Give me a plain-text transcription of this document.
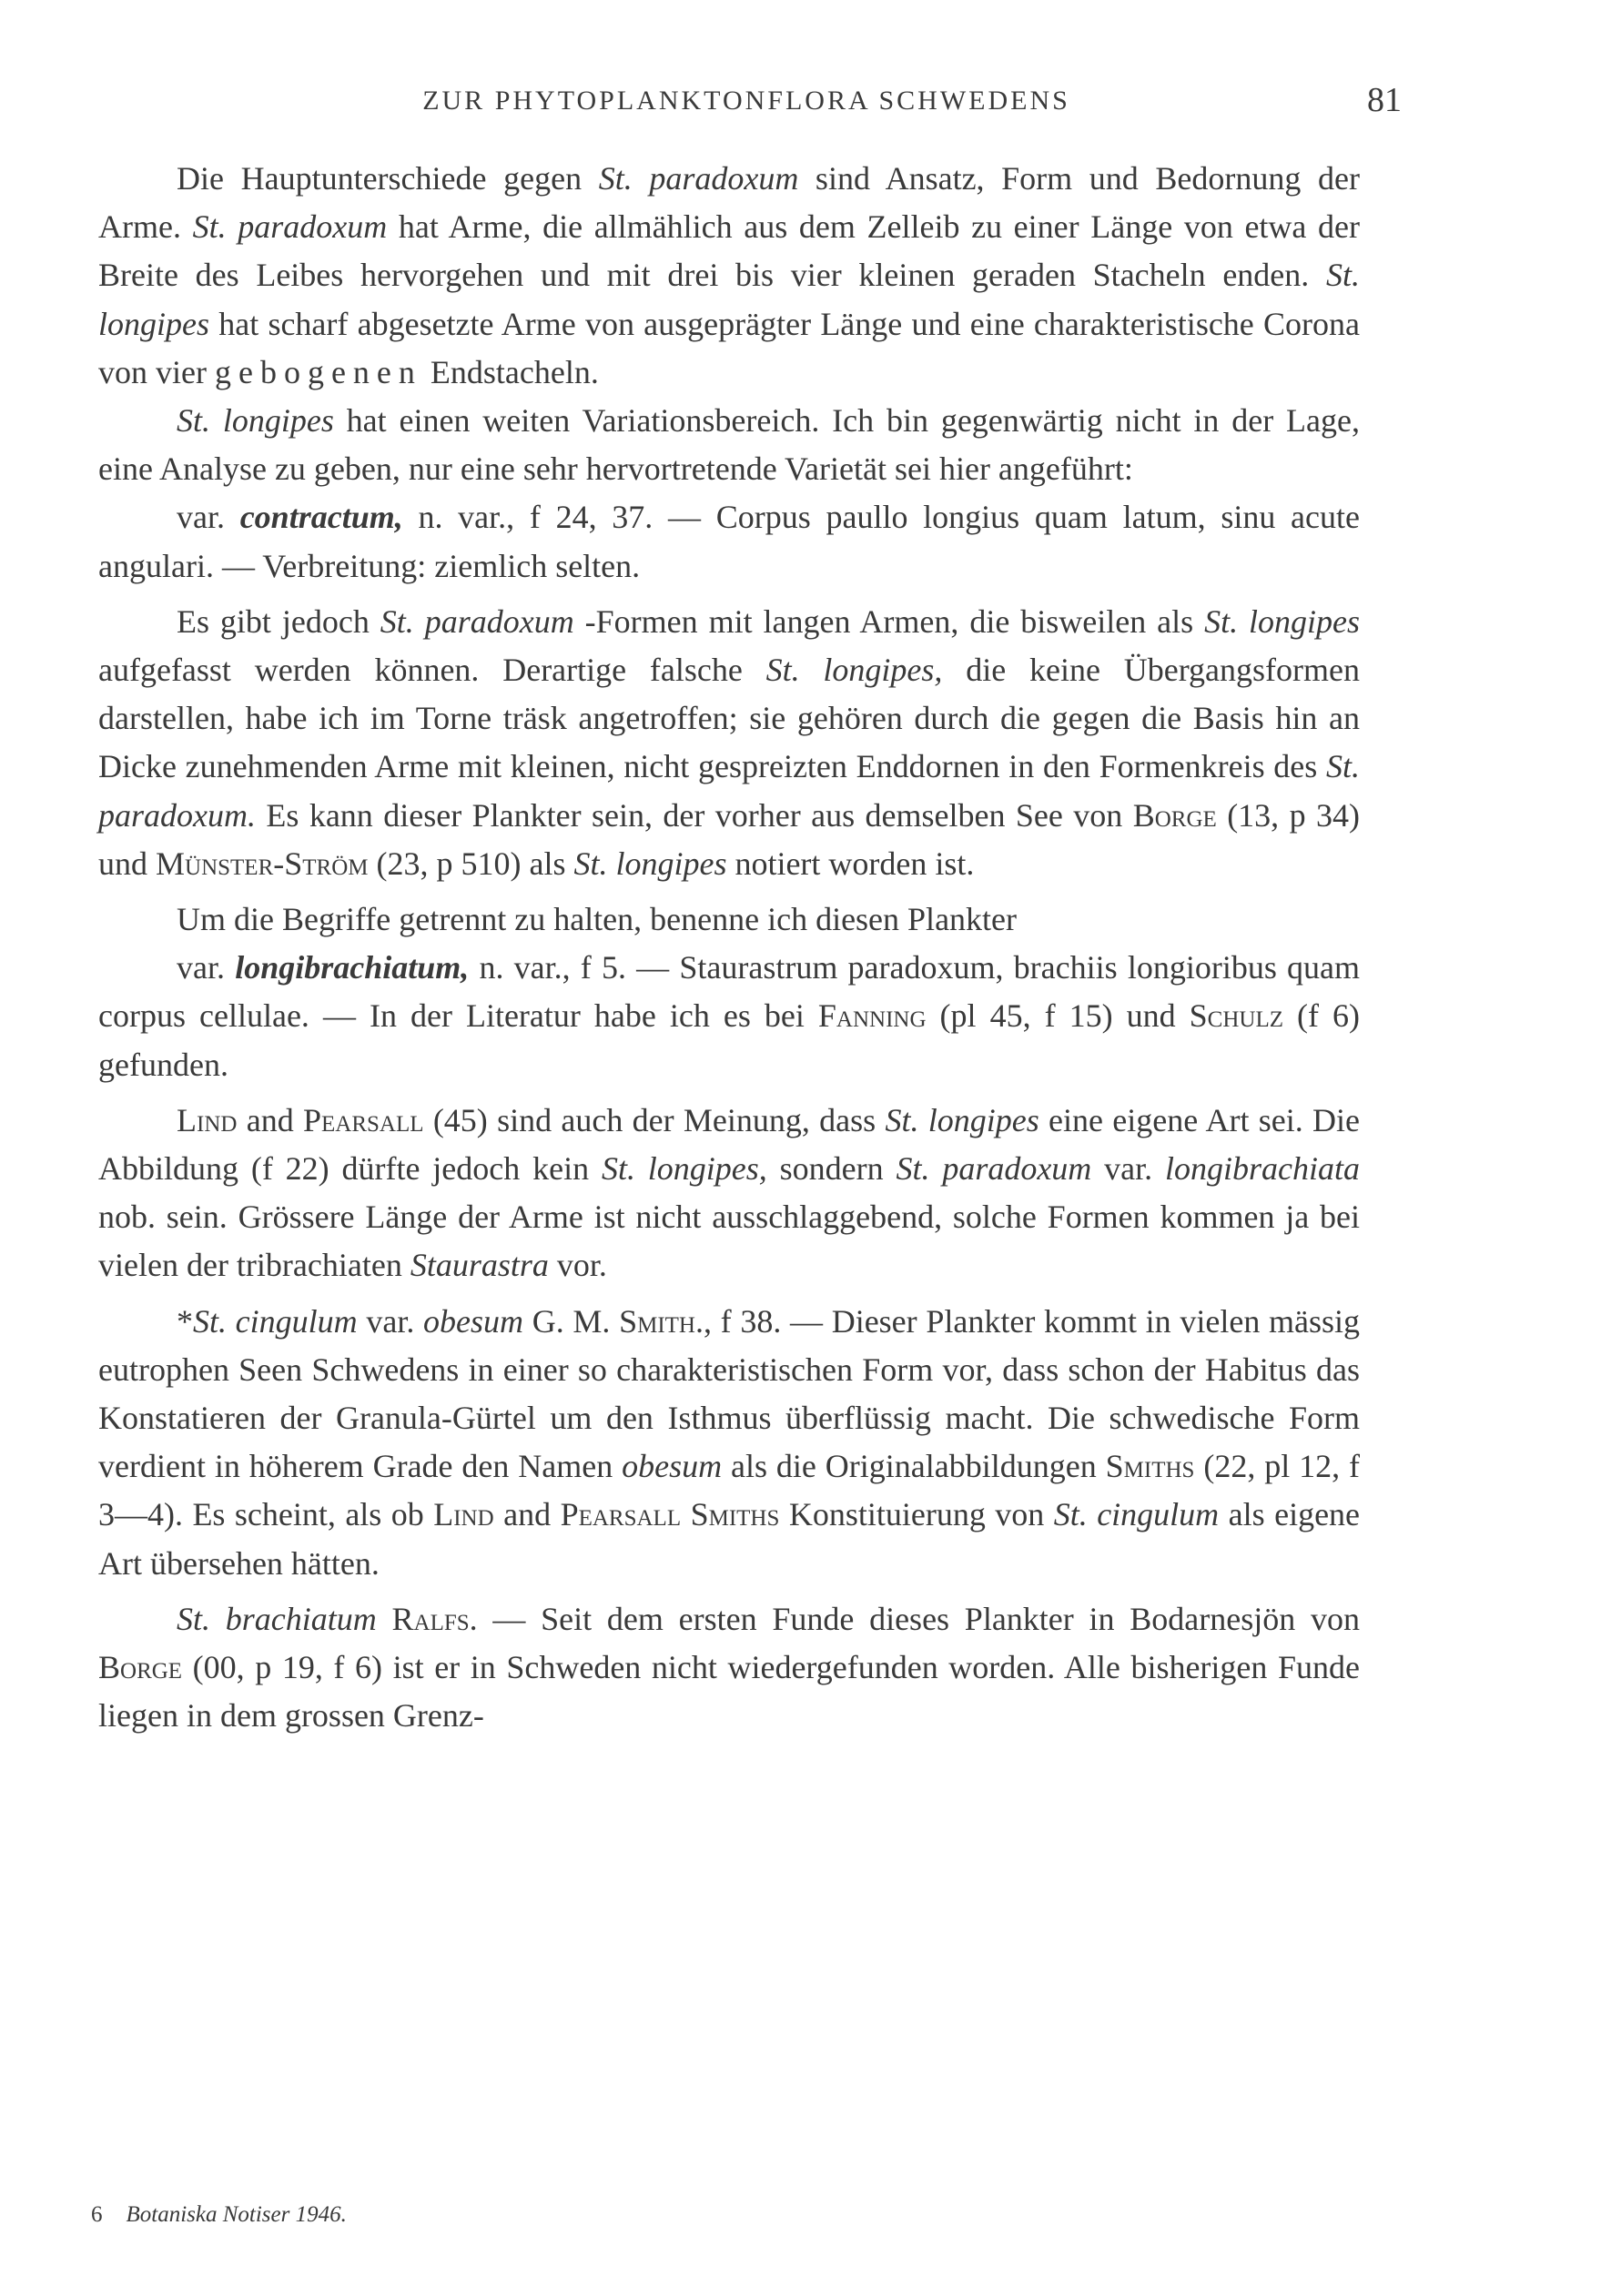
ZUR PHYTOPLANKTONFLORA SCHWEDENS	81

Die Hauptunterschiede gegen St. paradoxum sind Ansatz, Form und Bedornung der Arme. St. paradoxum hat Arme, die allmählich aus dem Zelleib zu einer Länge von etwa der Breite des Leibes hervorgehen und mit drei bis vier kleinen geraden Stacheln enden. St. longipes hat scharf abgesetzte Arme von ausgeprägter Länge und eine charakteristische Corona von vier gebogenen Endstacheln.

St. longipes hat einen weiten Variationsbereich. Ich bin gegenwärtig nicht in der Lage, eine Analyse zu geben, nur eine sehr hervortretende Varietät sei hier angeführt:

var. contractum, n. var., f 24, 37. — Corpus paullo longius quam latum, sinu acute angulari. — Verbreitung: ziemlich selten.

Es gibt jedoch St. paradoxum -Formen mit langen Armen, die bisweilen als St. longipes aufgefasst werden können. Derartige falsche St. longipes, die keine Übergangsformen darstellen, habe ich im Torne träsk angetroffen; sie gehören durch die gegen die Basis hin an Dicke zunehmenden Arme mit kleinen, nicht gespreizten Enddornen in den Formenkreis des St. paradoxum. Es kann dieser Plankter sein, der vorher aus demselben See von Borge (13, p 34) und Münster-Ström (23, p 510) als St. longipes notiert worden ist.

Um die Begriffe getrennt zu halten, benenne ich diesen Plankter

var. longibrachiatum, n. var., f 5. — Staurastrum paradoxum, brachiis longioribus quam corpus cellulae. — In der Literatur habe ich es bei Fanning (pl 45, f 15) und Schulz (f 6) gefunden.

Lind and Pearsall (45) sind auch der Meinung, dass St. longipes eine eigene Art sei. Die Abbildung (f 22) dürfte jedoch kein St. longipes, sondern St. paradoxum var. longibrachiata nob. sein. Grössere Länge der Arme ist nicht ausschlaggebend, solche Formen kommen ja bei vielen der tribrachiaten Staurastra vor.

*St. cingulum var. obesum G. M. Smith., f 38. — Dieser Plankter kommt in vielen mässig eutrophen Seen Schwedens in einer so charakteristischen Form vor, dass schon der Habitus das Konstatieren der Granula-Gürtel um den Isthmus überflüssig macht. Die schwedische Form verdient in höherem Grade den Namen obesum als die Originalabbildungen Smiths (22, pl 12, f 3—4). Es scheint, als ob Lind and Pearsall Smiths Konstituierung von St. cingulum als eigene Art übersehen hätten.

St. brachiatum Ralfs. — Seit dem ersten Funde dieses Plankter in Bodarnesjön von Borge (00, p 19, f 6) ist er in Schweden nicht wiedergefunden worden. Alle bisherigen Funde liegen in dem grossen Grenz-

6 Botaniska Notiser 1946.
